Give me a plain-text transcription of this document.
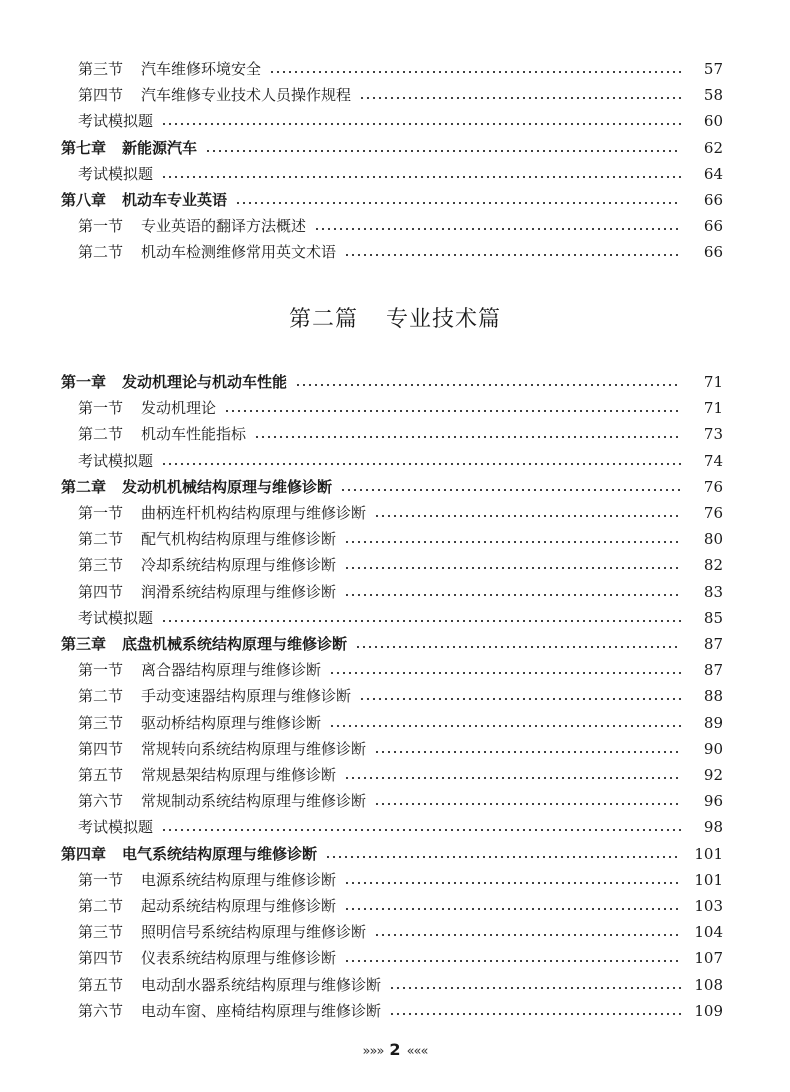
第三节 汽车维修环境安全	57
第四节 汽车维修专业技术人员操作规程	58
考试模拟题	60
第七章 新能源汽车	62
考试模拟题	64
第八章 机动车专业英语	66
第一节 专业英语的翻译方法概述	66
第二节 机动车检测维修常用英文术语	66
第二篇 专业技术篇
第一章 发动机理论与机动车性能	71
第一节 发动机理论	71
第二节 机动车性能指标	73
考试模拟题	74
第二章 发动机机械结构原理与维修诊断	76
第一节 曲柄连杆机构结构原理与维修诊断	76
第二节 配气机构结构原理与维修诊断	80
第三节 冷却系统结构原理与维修诊断	82
第四节 润滑系统结构原理与维修诊断	83
考试模拟题	85
第三章 底盘机械系统结构原理与维修诊断	87
第一节 离合器结构原理与维修诊断	87
第二节 手动变速器结构原理与维修诊断	88
第三节 驱动桥结构原理与维修诊断	89
第四节 常规转向系统结构原理与维修诊断	90
第五节 常规悬架结构原理与维修诊断	92
第六节 常规制动系统结构原理与维修诊断	96
考试模拟题	98
第四章 电气系统结构原理与维修诊断	101
第一节 电源系统结构原理与维修诊断	101
第二节 起动系统结构原理与维修诊断	103
第三节 照明信号系统结构原理与维修诊断	104
第四节 仪表系统结构原理与维修诊断	107
第五节 电动刮水器系统结构原理与维修诊断	108
第六节 电动车窗、座椅结构原理与维修诊断	109
»»» 2 «««
